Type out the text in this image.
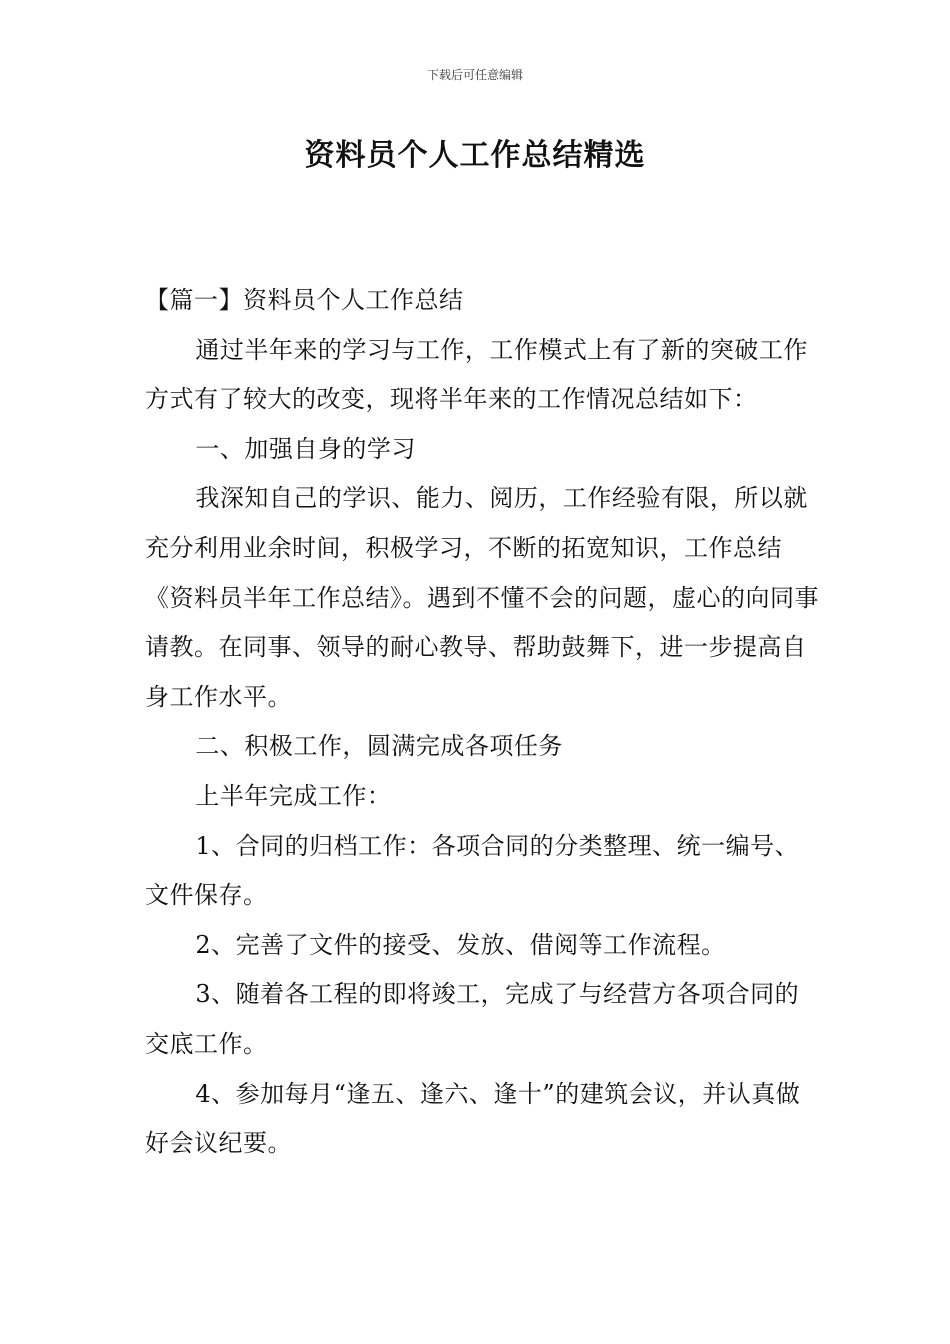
下载后可任意编辑
资料员个人工作总结精选

【篇一】资料员个人工作总结

通过半年来的学习与工作，工作模式上有了新的突破工作方式有了较大的改变，现将半年来的工作情况总结如下：

一、加强自身的学习

我深知自己的学识、能力、阅历，工作经验有限，所以就充分利用业余时间，积极学习，不断的拓宽知识，工作总结《资料员半年工作总结》。遇到不懂不会的问题，虚心的向同事请教。在同事、领导的耐心教导、帮助鼓舞下，进一步提高自身工作水平。

二、积极工作，圆满完成各项任务

上半年完成工作：

1、合同的归档工作：各项合同的分类整理、统一编号、文件保存。

2、完善了文件的接受、发放、借阅等工作流程。

3、随着各工程的即将竣工，完成了与经营方各项合同的交底工作。

4、参加每月“逢五、逢六、逢十”的建筑会议，并认真做好会议纪要。
